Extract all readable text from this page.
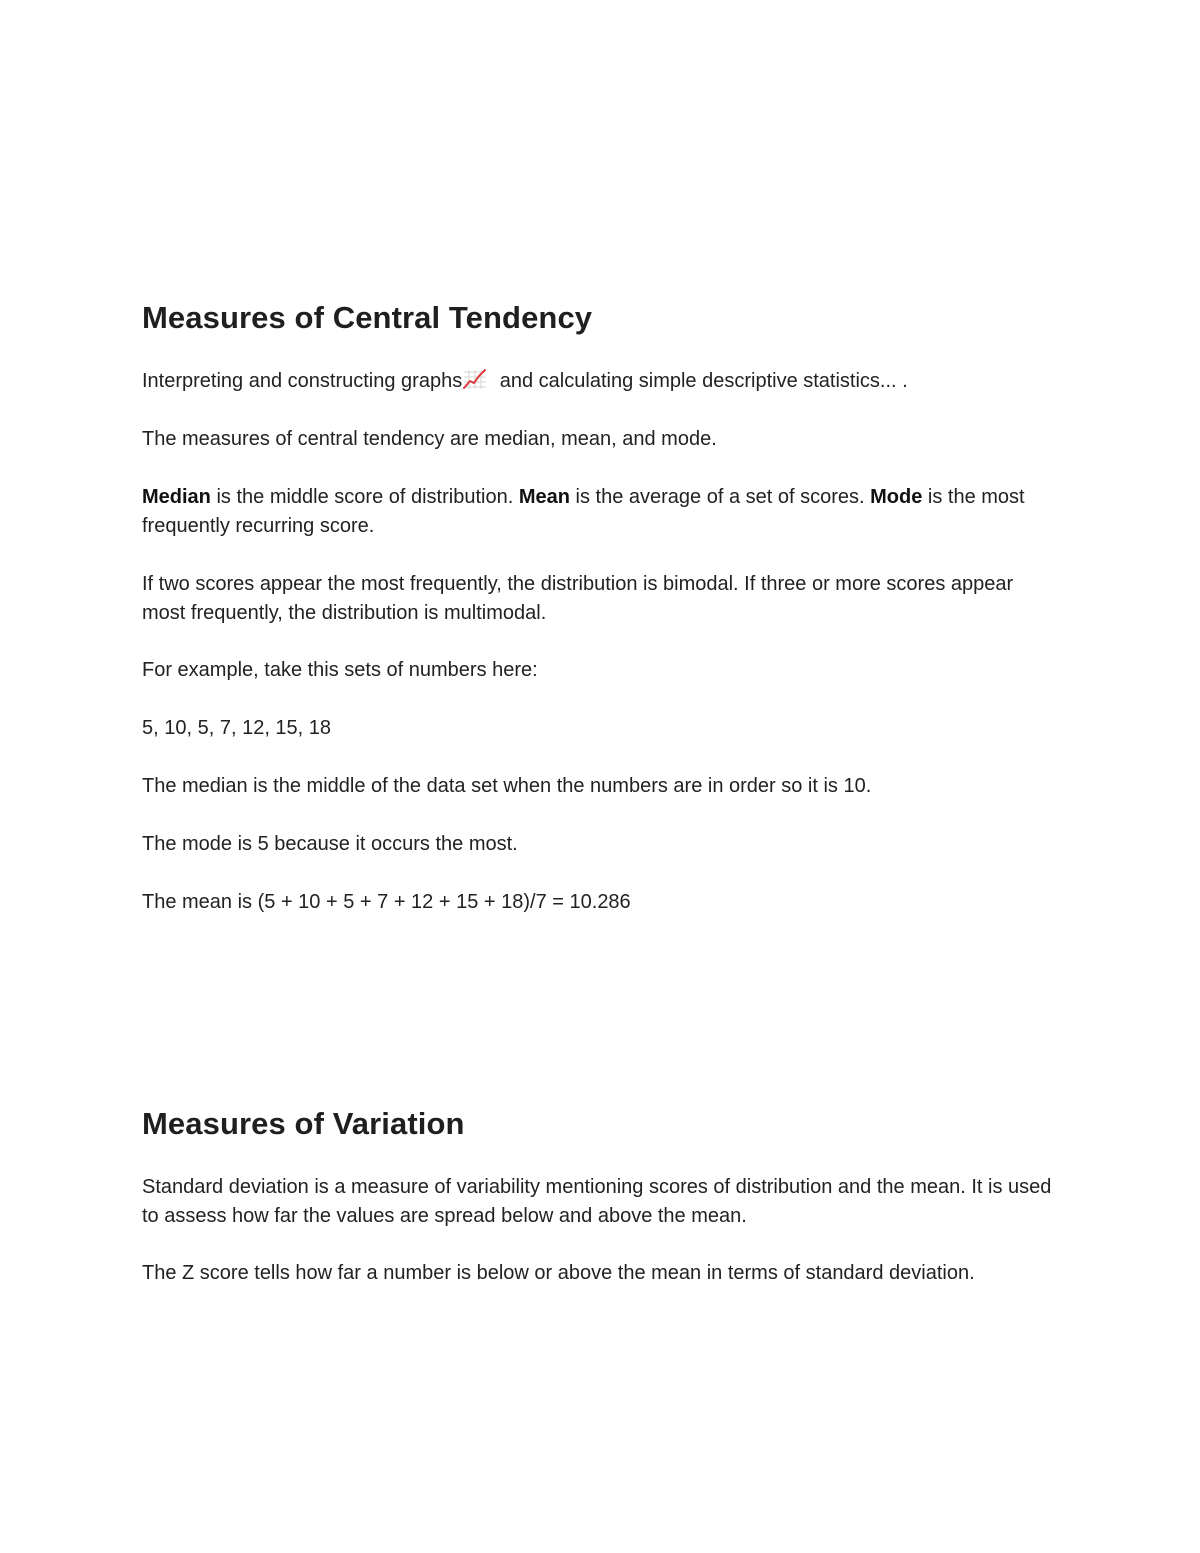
Measures of Central Tendency

Interpreting and constructing graphs and calculating simple descriptive statistics... .

The measures of central tendency are median, mean, and mode.

Median is the middle score of distribution. Mean is the average of a set of scores. Mode is the most frequently recurring score.

If two scores appear the most frequently, the distribution is bimodal. If three or more scores appear most frequently, the distribution is multimodal.

For example, take this sets of numbers here:

5, 10, 5, 7, 12, 15, 18

The median is the middle of the data set when the numbers are in order so it is 10.

The mode is 5 because it occurs the most.

The mean is (5 + 10 + 5 + 7 + 12 + 15 + 18)/7 = 10.286

Measures of Variation

Standard deviation is a measure of variability mentioning scores of distribution and the mean. It is used to assess how far the values are spread below and above the mean.

The Z score tells how far a number is below or above the mean in terms of standard deviation.
